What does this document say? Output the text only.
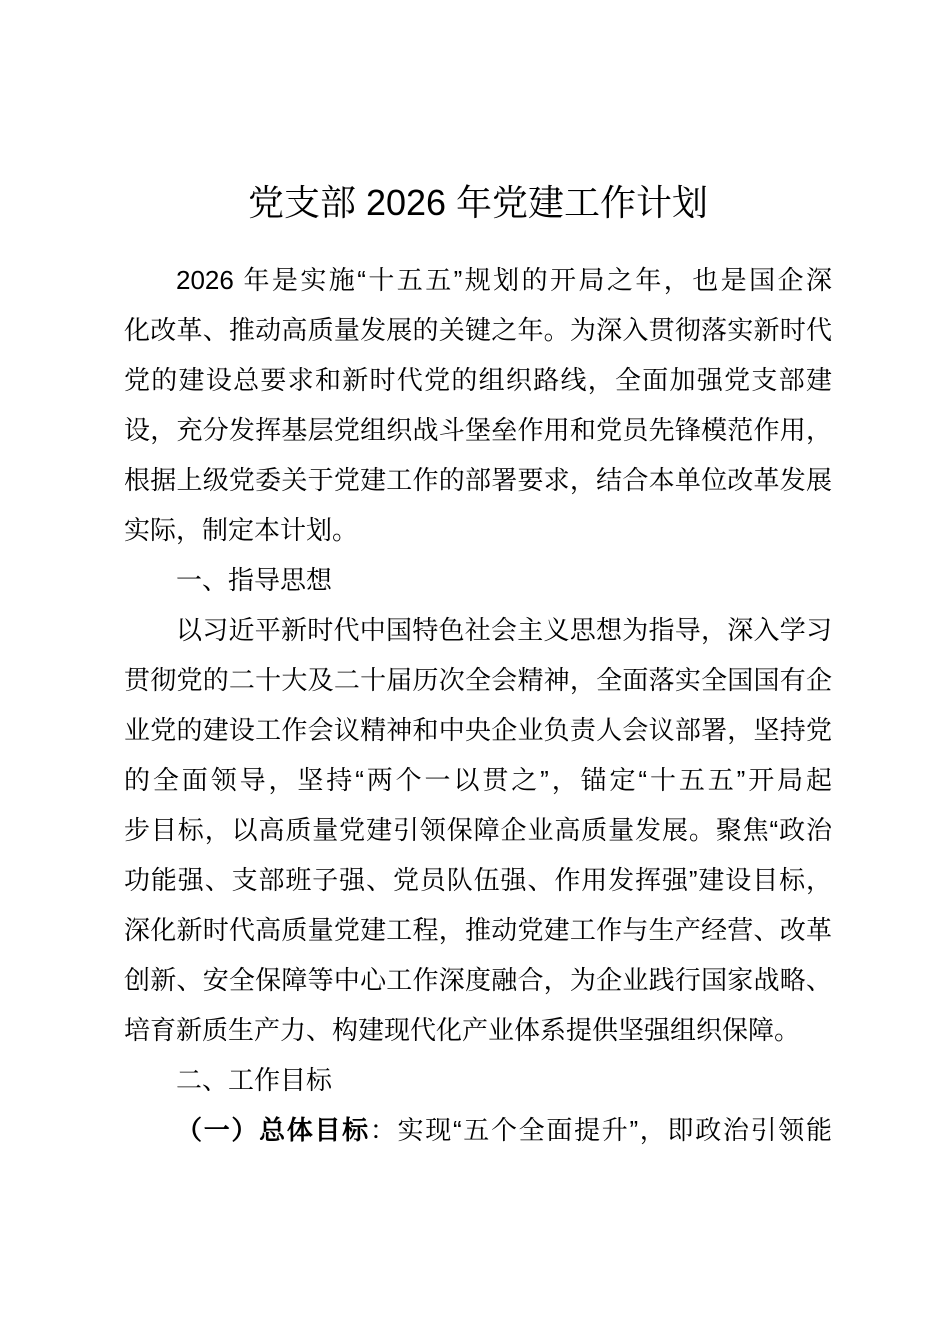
党支部 2026 年党建工作计划
2026 年是实施“十五五”规划的开局之年，也是国企深
化改革、推动高质量发展的关键之年。为深入贯彻落实新时代
党的建设总要求和新时代党的组织路线，全面加强党支部建
设，充分发挥基层党组织战斗堡垒作用和党员先锋模范作用，
根据上级党委关于党建工作的部署要求，结合本单位改革发展
实际，制定本计划。
一、指导思想
以习近平新时代中国特色社会主义思想为指导，深入学习
贯彻党的二十大及二十届历次全会精神，全面落实全国国有企
业党的建设工作会议精神和中央企业负责人会议部署，坚持党
的全面领导，坚持“两个一以贯之”，锚定“十五五”开局起
步目标，以高质量党建引领保障企业高质量发展。聚焦“政治
功能强、支部班子强、党员队伍强、作用发挥强”建设目标，
深化新时代高质量党建工程，推动党建工作与生产经营、改革
创新、安全保障等中心工作深度融合，为企业践行国家战略、
培育新质生产力、构建现代化产业体系提供坚强组织保障。
二、工作目标
（一）总体目标：实现“五个全面提升”，即政治引领能
